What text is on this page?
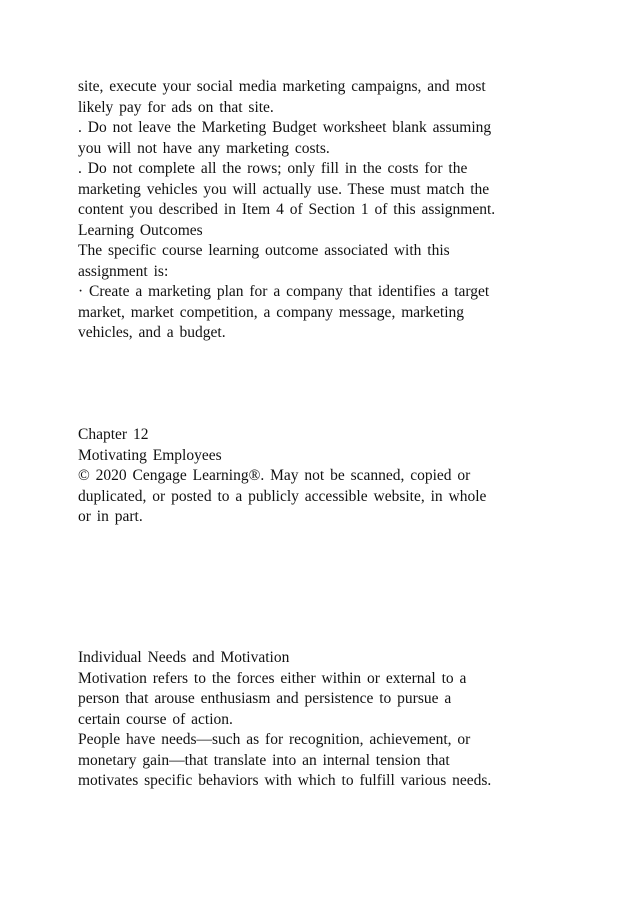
site, execute your social media marketing campaigns, and most
likely pay for ads on that site.
. Do not leave the Marketing Budget worksheet blank assuming
you will not have any marketing costs.
. Do not complete all the rows; only fill in the costs for the
marketing vehicles you will actually use. These must match the
content you described in Item 4 of Section 1 of this assignment.
Learning Outcomes
The specific course learning outcome associated with this
assignment is:
· Create a marketing plan for a company that identifies a target
market, market competition, a company message, marketing
vehicles, and a budget.
Chapter 12
Motivating Employees
© 2020 Cengage Learning®. May not be scanned, copied or
duplicated, or posted to a publicly accessible website, in whole
or in part.
Individual Needs and Motivation
Motivation refers to the forces either within or external to a
person that arouse enthusiasm and persistence to pursue a
certain course of action.
People have needs—such as for recognition, achievement, or
monetary gain—that translate into an internal tension that
motivates specific behaviors with which to fulfill various needs.
